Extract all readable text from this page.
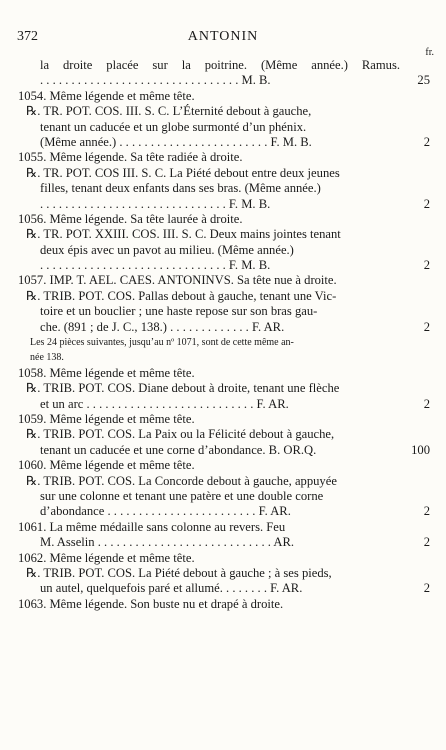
372	ANTONIN
fr.
la droite placée sur la poitrine. (Même année.) Ramus.
. . . . . . . . . . . . . . . . . . . . . . . . . . . . . . . . M. B.	25
1054. Même légende et même tête.
℞. TR. POT. COS. III. S. C. L’Éternité debout à gauche,
tenant un caducée et un globe surmonté d’un phénix.
(Même année.) . . . . . . . . . . . . . . . . . . . . . . . . F. M. B.	2
1055. Même légende. Sa tête radiée à droite.
℞. TR. POT. COS III. S. C. La Piété debout entre deux jeunes
filles, tenant deux enfants dans ses bras. (Même année.)
. . . . . . . . . . . . . . . . . . . . . . . . . . . . . . F. M. B.	2
1056. Même légende. Sa tête laurée à droite.
℞. TR. POT. XXIII. COS. III. S. C. Deux mains jointes tenant
deux épis avec un pavot au milieu. (Même année.)
. . . . . . . . . . . . . . . . . . . . . . . . . . . . . . F. M. B.	2
1057. IMP. T. AEL. CAES. ANTONINVS. Sa tête nue à droite.
℞. TRIB. POT. COS. Pallas debout à gauche, tenant une Vic-
toire et un bouclier ; une haste repose sur son bras gau-
che. (891 ; de J. C., 138.) . . . . . . . . . . . . . F. AR.	2
Les 24 pièces suivantes, jusqu’au nº 1071, sont de cette même an-
née 138.
1058. Même légende et même tête.
℞. TRIB. POT. COS. Diane debout à droite, tenant une flèche
et un arc . . . . . . . . . . . . . . . . . . . . . . . . . . . F. AR.	2
1059. Même légende et même tête.
℞. TRIB. POT. COS. La Paix ou la Félicité debout à gauche,
tenant un caducée et une corne d’abondance. B. OR.Q.	100
1060. Même légende et même tête.
℞. TRIB. POT. COS. La Concorde debout à gauche, appuyée
sur une colonne et tenant une patère et une double corne
d’abondance . . . . . . . . . . . . . . . . . . . . . . . . F. AR.	2
1061. La même médaille sans colonne au revers. Feu
M. Asselin . . . . . . . . . . . . . . . . . . . . . . . . . . . . AR.	2
1062. Même légende et même tête.
℞. TRIB. POT. COS. La Piété debout à gauche ; à ses pieds,
un autel, quelquefois paré et allumé. . . . . . . . F. AR.	2
1063. Même légende. Son buste nu et drapé à droite.
